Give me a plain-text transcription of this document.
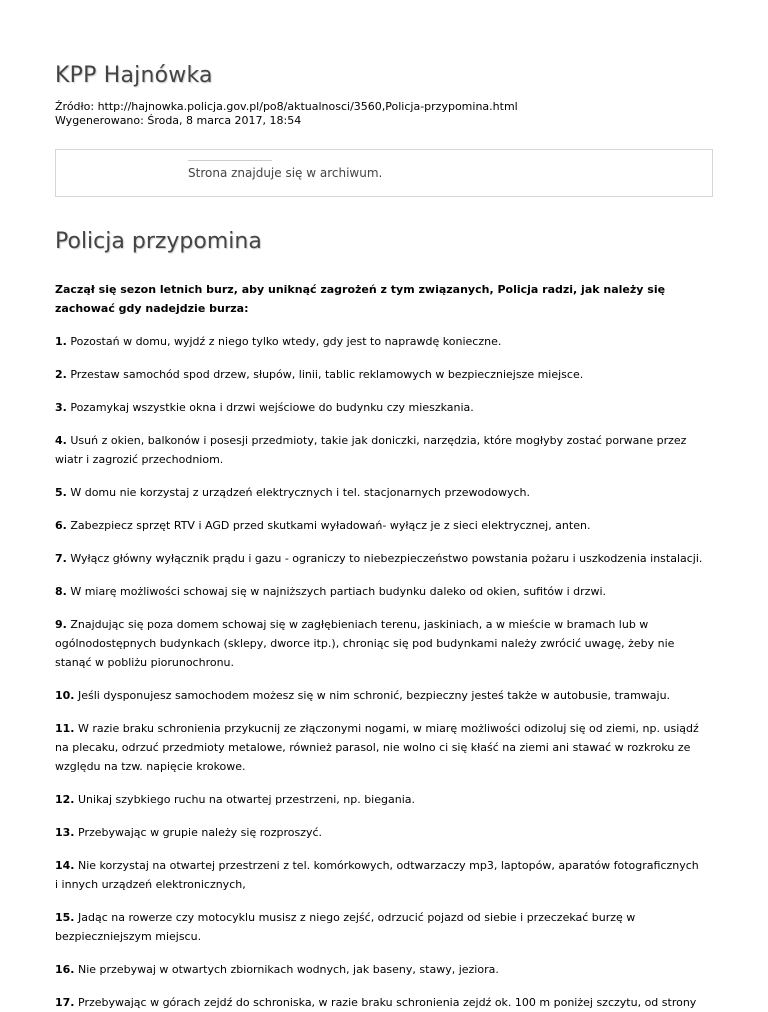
KPP Hajnówka
Źródło: http://hajnowka.policja.gov.pl/po8/aktualnosci/3560,Policja-przypomina.html
Wygenerowano: Środa, 8 marca 2017, 18:54
Strona znajduje się w archiwum.
Policja przypomina

Zaczął się sezon letnich burz, aby uniknąć zagrożeń z tym związanych, Policja radzi, jak należy się zachować gdy nadejdzie burza:

1. Pozostań w domu, wyjdź z niego tylko wtedy, gdy jest to naprawdę konieczne.
2. Przestaw samochód spod drzew, słupów, linii, tablic reklamowych w bezpieczniejsze miejsce.
3. Pozamykaj wszystkie okna i drzwi wejściowe do budynku czy mieszkania.
4. Usuń z okien, balkonów i posesji przedmioty, takie jak doniczki, narzędzia, które mogłyby zostać porwane przez wiatr i zagrozić przechodniom.
5. W domu nie korzystaj z urządzeń elektrycznych i tel. stacjonarnych przewodowych.
6. Zabezpiecz sprzęt RTV i AGD przed skutkami wyładowań- wyłącz je z sieci elektrycznej, anten.
7. Wyłącz główny wyłącznik prądu i gazu - ograniczy to niebezpieczeństwo powstania pożaru i uszkodzenia instalacji.
8. W miarę możliwości schowaj się w najniższych partiach budynku daleko od okien, sufitów i drzwi.
9. Znajdując się poza domem schowaj się w zagłębieniach terenu, jaskiniach, a w mieście w bramach lub w ogólnodostępnych budynkach (sklepy, dworce itp.), chroniąc się pod budynkami należy zwrócić uwagę, żeby nie stanąć w pobliżu piorunochronu.
10. Jeśli dysponujesz samochodem możesz się w nim schronić, bezpieczny jesteś także w autobusie, tramwaju.
11. W razie braku schronienia przykucnij ze złączonymi nogami, w miarę możliwości odizoluj się od ziemi, np. usiądź na plecaku, odrzuć przedmioty metalowe, również parasol, nie wolno ci się kłaść na ziemi ani stawać w rozkroku ze względu na tzw. napięcie krokowe.
12. Unikaj szybkiego ruchu na otwartej przestrzeni, np. biegania.
13. Przebywając w grupie należy się rozproszyć.
14. Nie korzystaj na otwartej przestrzeni z tel. komórkowych, odtwarzaczy mp3, laptopów, aparatów fotograficznych i innych urządzeń elektronicznych,
15. Jadąc na rowerze czy motocyklu musisz z niego zejść, odrzucić pojazd od siebie i przeczekać burzę w bezpieczniejszym miejscu.
16. Nie przebywaj w otwartych zbiornikach wodnych, jak baseny, stawy, jeziora.
17. Przebywając w górach zejdź do schroniska, w razie braku schronienia zejdź ok. 100 m poniżej szczytu, od strony
